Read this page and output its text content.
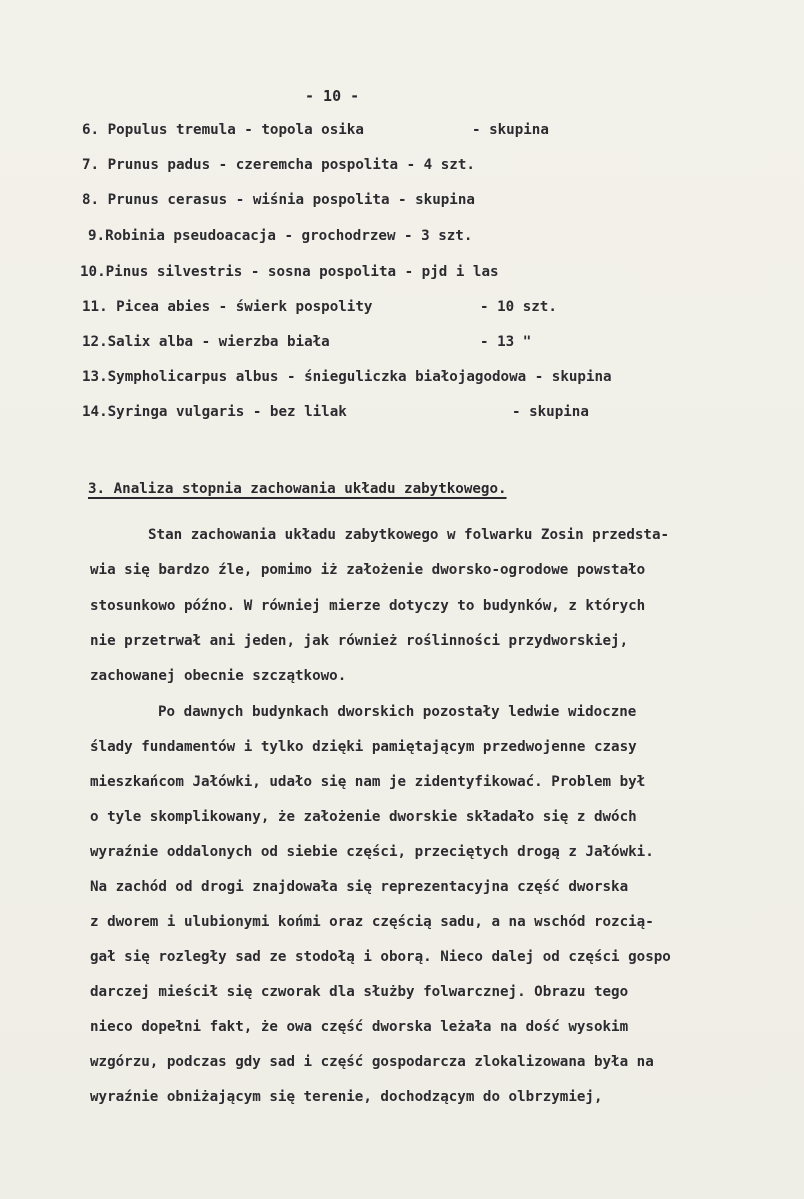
- 10 -
6. Populus tremula - topola osika	- skupina
7. Prunus padus - czeremcha pospolita - 4 szt.
8. Prunus cerasus - wiśnia pospolita - skupina
9.Robinia pseudoacacja - grochodrzew - 3 szt.
10.Pinus silvestris - sosna pospolita - pjd i las
11. Picea abies - świerk pospolity	- 10 szt.
12.Salix alba - wierzba biała	- 13 "
13.Sympholicarpus albus - śnieguliczka białojagodowa - skupina
14.Syringa vulgaris - bez lilak	- skupina
3. Analiza stopnia zachowania układu zabytkowego.
Stan zachowania układu zabytkowego w folwarku Zosin przedsta-
wia się bardzo źle, pomimo iż założenie dworsko-ogrodowe powstało
stosunkowo późno. W równiej mierze dotyczy to budynków, z których
nie przetrwał ani jeden, jak również roślinności przydworskiej,
zachowanej obecnie szczątkowo.
Po dawnych budynkach dworskich pozostały ledwie widoczne
ślady fundamentów i tylko dzięki pamiętającym przedwojenne czasy
mieszkańcom Jałówki, udało się nam je zidentyfikować. Problem był
o tyle skomplikowany, że założenie dworskie składało się z dwóch
wyraźnie oddalonych od siebie części, przeciętych drogą z Jałówki.
Na zachód od drogi znajdowała się reprezentacyjna część dworska
z dworem i ulubionymi końmi oraz częścią sadu, a na wschód rozcią-
gał się rozległy sad ze stodołą i oborą. Nieco dalej od części gospo
darczej mieścił się czworak dla służby folwarcznej. Obrazu tego
nieco dopełni fakt, że owa część dworska leżała na dość wysokim
wzgórzu, podczas gdy sad i część gospodarcza zlokalizowana była na
wyraźnie obniżającym się terenie, dochodzącym do olbrzymiej,
